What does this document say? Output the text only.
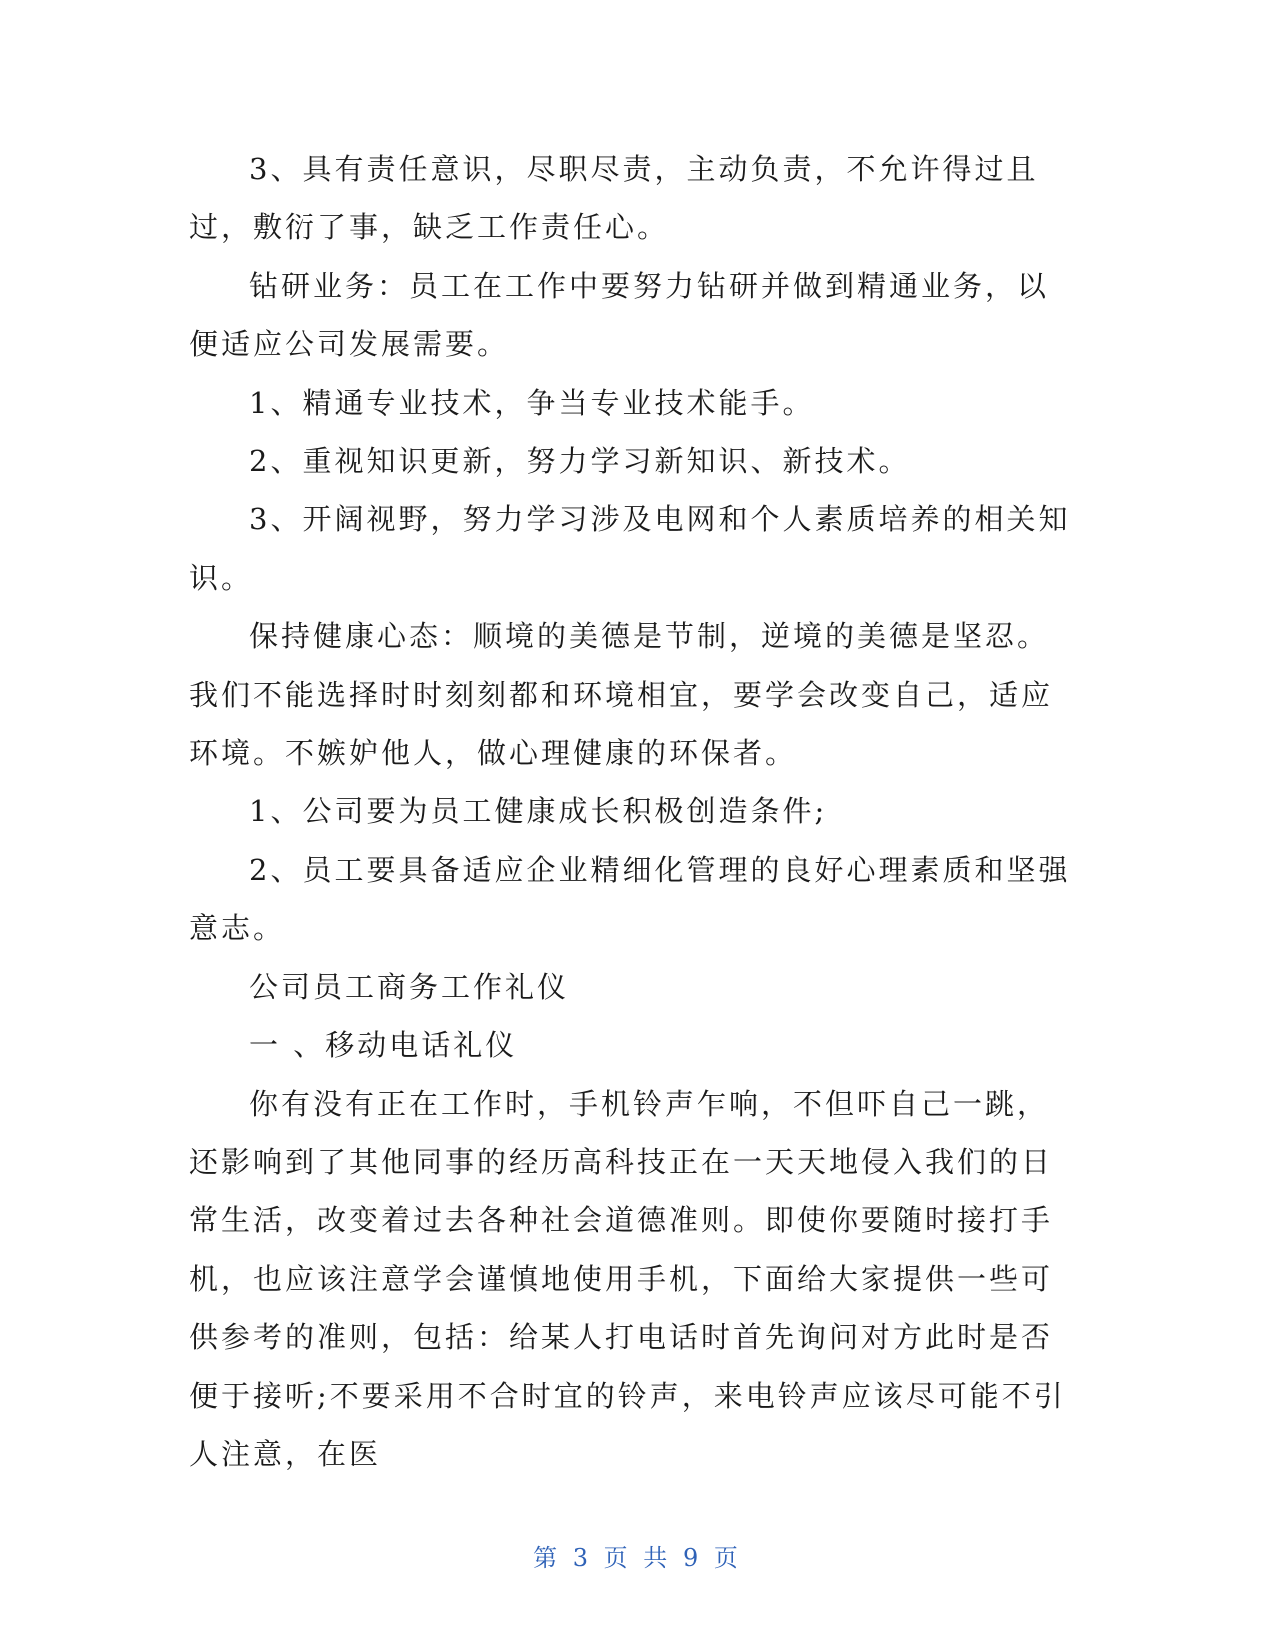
3、具有责任意识，尽职尽责，主动负责，不允许得过且过，敷衍了事，缺乏工作责任心。

钻研业务：员工在工作中要努力钻研并做到精通业务，以便适应公司发展需要。

1、精通专业技术，争当专业技术能手。

2、重视知识更新，努力学习新知识、新技术。

3、开阔视野，努力学习涉及电网和个人素质培养的相关知识。

保持健康心态：顺境的美德是节制，逆境的美德是坚忍。我们不能选择时时刻刻都和环境相宜，要学会改变自己，适应环境。不嫉妒他人，做心理健康的环保者。

1、公司要为员工健康成长积极创造条件;

2、员工要具备适应企业精细化管理的良好心理素质和坚强意志。

公司员工商务工作礼仪

一 、移动电话礼仪

你有没有正在工作时，手机铃声乍响，不但吓自己一跳，还影响到了其他同事的经历高科技正在一天天地侵入我们的日常生活，改变着过去各种社会道德准则。即使你要随时接打手机，也应该注意学会谨慎地使用手机，下面给大家提供一些可供参考的准则，包括：给某人打电话时首先询问对方此时是否便于接听;不要采用不合时宜的铃声，来电铃声应该尽可能不引人注意，在医

第 3 页 共 9 页
